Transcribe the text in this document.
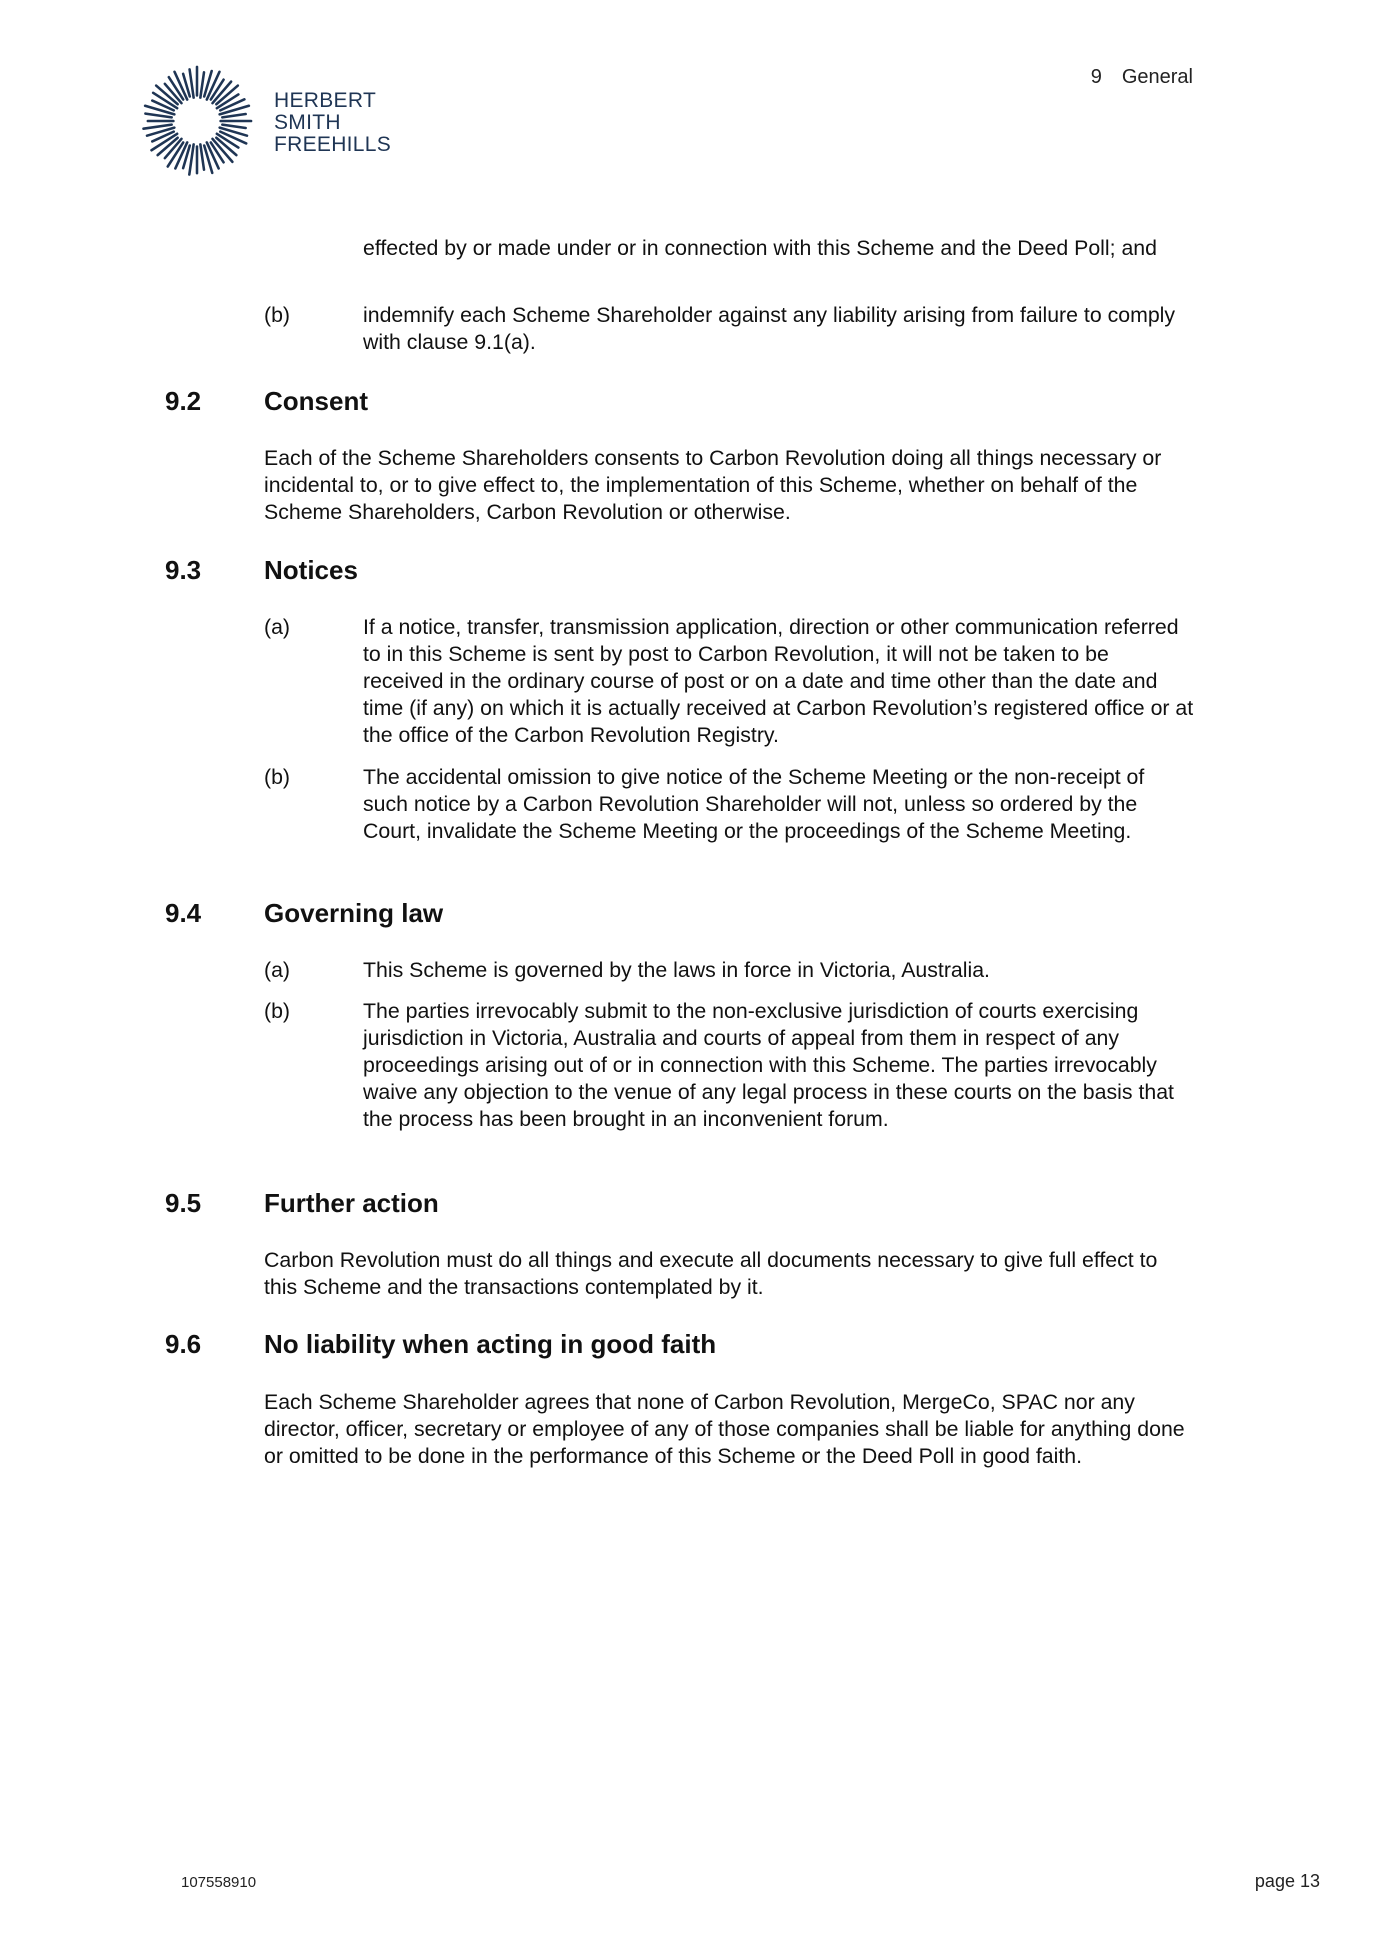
HERBERT
SMITH
FREEHILLS
9 General
effected by or made under or in connection with this Scheme and the Deed Poll; and
(b)	indemnify each Scheme Shareholder against any liability arising from failure to comply with clause 9.1(a).
9.2 Consent
Each of the Scheme Shareholders consents to Carbon Revolution doing all things necessary or incidental to, or to give effect to, the implementation of this Scheme, whether on behalf of the Scheme Shareholders, Carbon Revolution or otherwise.
9.3 Notices
(a)	If a notice, transfer, transmission application, direction or other communication referred to in this Scheme is sent by post to Carbon Revolution, it will not be taken to be received in the ordinary course of post or on a date and time other than the date and time (if any) on which it is actually received at Carbon Revolution’s registered office or at the office of the Carbon Revolution Registry.
(b)	The accidental omission to give notice of the Scheme Meeting or the non-receipt of such notice by a Carbon Revolution Shareholder will not, unless so ordered by the Court, invalidate the Scheme Meeting or the proceedings of the Scheme Meeting.
9.4 Governing law
(a)	This Scheme is governed by the laws in force in Victoria, Australia.
(b)	The parties irrevocably submit to the non-exclusive jurisdiction of courts exercising jurisdiction in Victoria, Australia and courts of appeal from them in respect of any proceedings arising out of or in connection with this Scheme. The parties irrevocably waive any objection to the venue of any legal process in these courts on the basis that the process has been brought in an inconvenient forum.
9.5 Further action
Carbon Revolution must do all things and execute all documents necessary to give full effect to this Scheme and the transactions contemplated by it.
9.6 No liability when acting in good faith
Each Scheme Shareholder agrees that none of Carbon Revolution, MergeCo, SPAC nor any director, officer, secretary or employee of any of those companies shall be liable for anything done or omitted to be done in the performance of this Scheme or the Deed Poll in good faith.
107558910	page 13
